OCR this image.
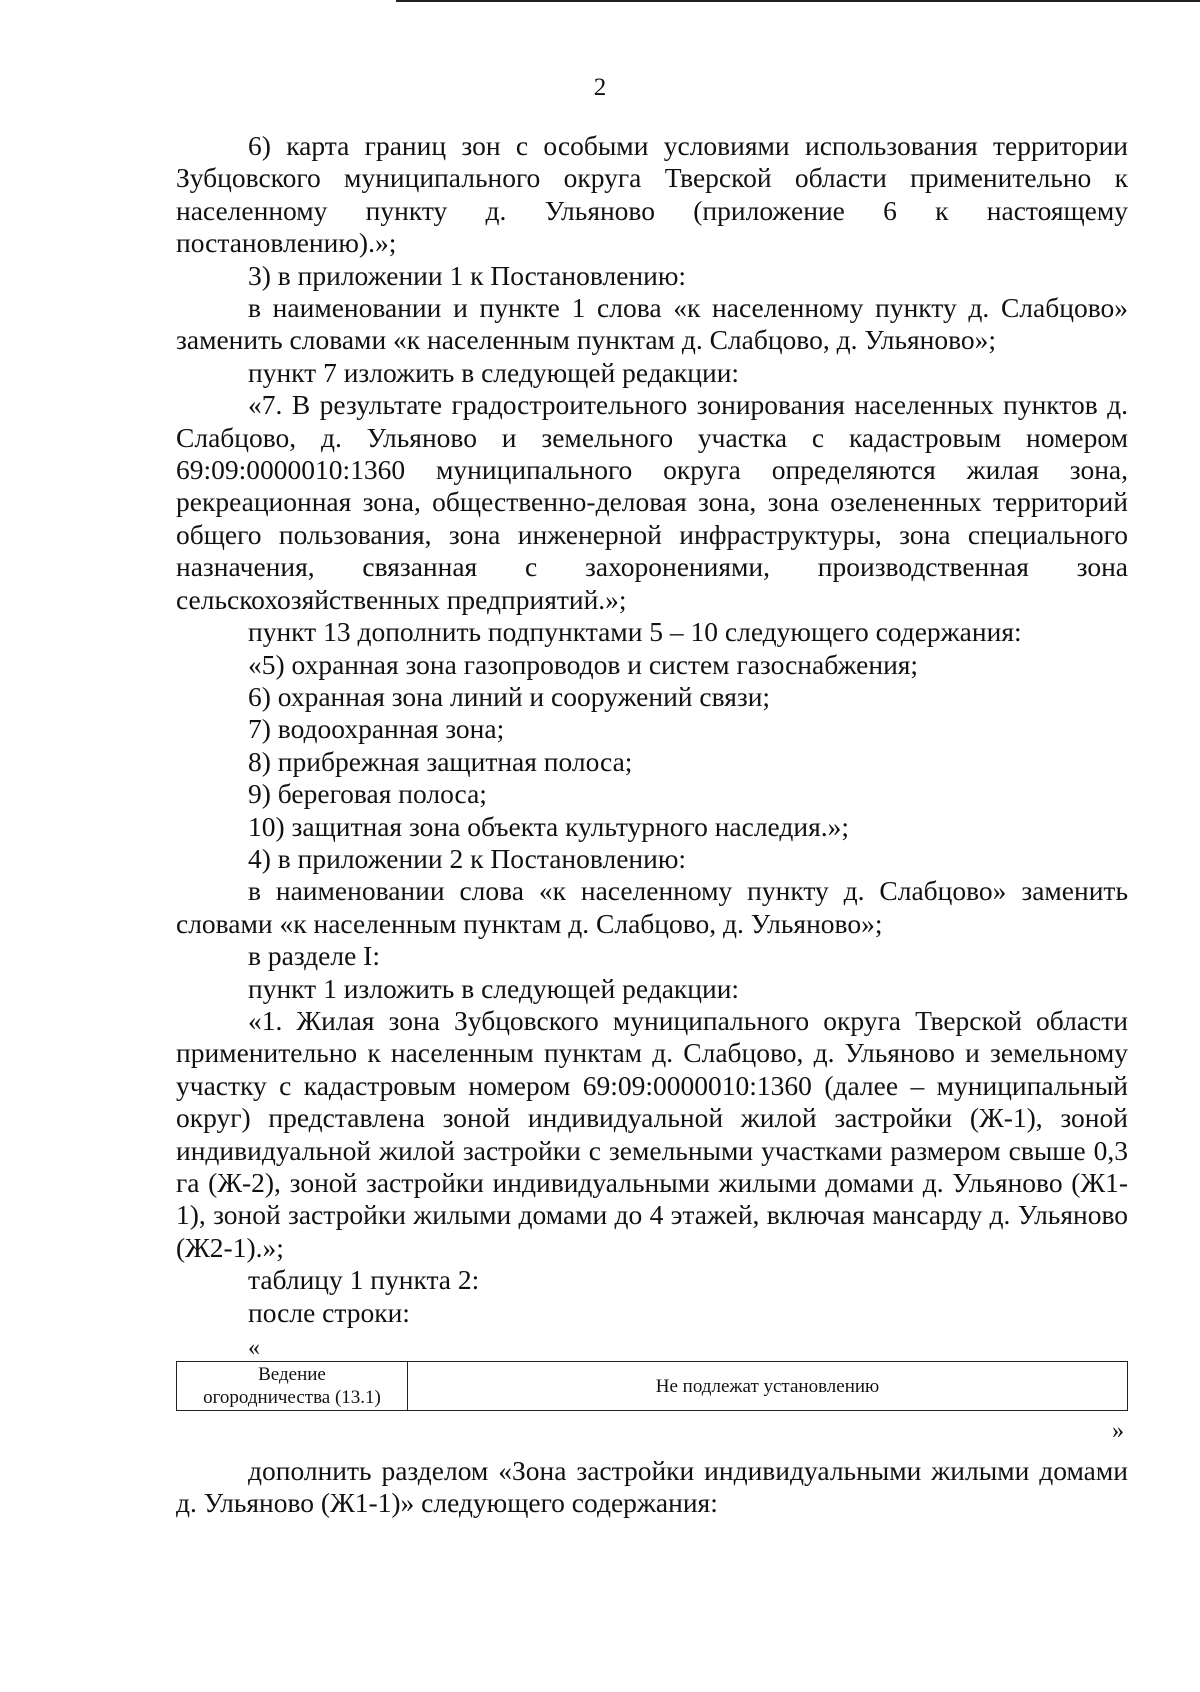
2

6) карта границ зон с особыми условиями использования территории Зубцовского муниципального округа Тверской области применительно к населенному пункту д. Ульяново (приложение 6 к настоящему постановлению).»;

3) в приложении 1 к Постановлению:

в наименовании и пункте 1 слова «к населенному пункту д. Слабцово» заменить словами «к населенным пунктам д. Слабцово, д. Ульяново»;

пункт 7 изложить в следующей редакции:

«7. В результате градостроительного зонирования населенных пунктов д. Слабцово, д. Ульяново и земельного участка с кадастровым номером 69:09:0000010:1360 муниципального округа определяются жилая зона, рекреационная зона, общественно-деловая зона, зона озелененных территорий общего пользования, зона инженерной инфраструктуры, зона специального назначения, связанная с захоронениями, производственная зона сельскохозяйственных предприятий.»;

пункт 13 дополнить подпунктами 5 – 10 следующего содержания:

«5) охранная зона газопроводов и систем газоснабжения;

6) охранная зона линий и сооружений связи;

7) водоохранная зона;

8) прибрежная защитная полоса;

9) береговая полоса;

10) защитная зона объекта культурного наследия.»;

4) в приложении 2 к Постановлению:

в наименовании слова «к населенному пункту д. Слабцово» заменить словами «к населенным пунктам д. Слабцово, д. Ульяново»;

в разделе I:

пункт 1 изложить в следующей редакции:

«1. Жилая зона Зубцовского муниципального округа Тверской области применительно к населенным пунктам д. Слабцово, д. Ульяново и земельному участку с кадастровым номером 69:09:0000010:1360 (далее – муниципальный округ) представлена зоной индивидуальной жилой застройки (Ж-1), зоной индивидуальной жилой застройки с земельными участками размером свыше 0,3 га (Ж-2), зоной застройки индивидуальными жилыми домами д. Ульяново (Ж1-1), зоной застройки жилыми домами до 4 этажей, включая мансарду д. Ульяново (Ж2-1).»;

таблицу 1 пункта 2:

после строки:

«

Ведение
огородничества (13.1)	Не подлежат установлению

»

дополнить разделом «Зона застройки индивидуальными жилыми домами д. Ульяново (Ж1-1)» следующего содержания:
